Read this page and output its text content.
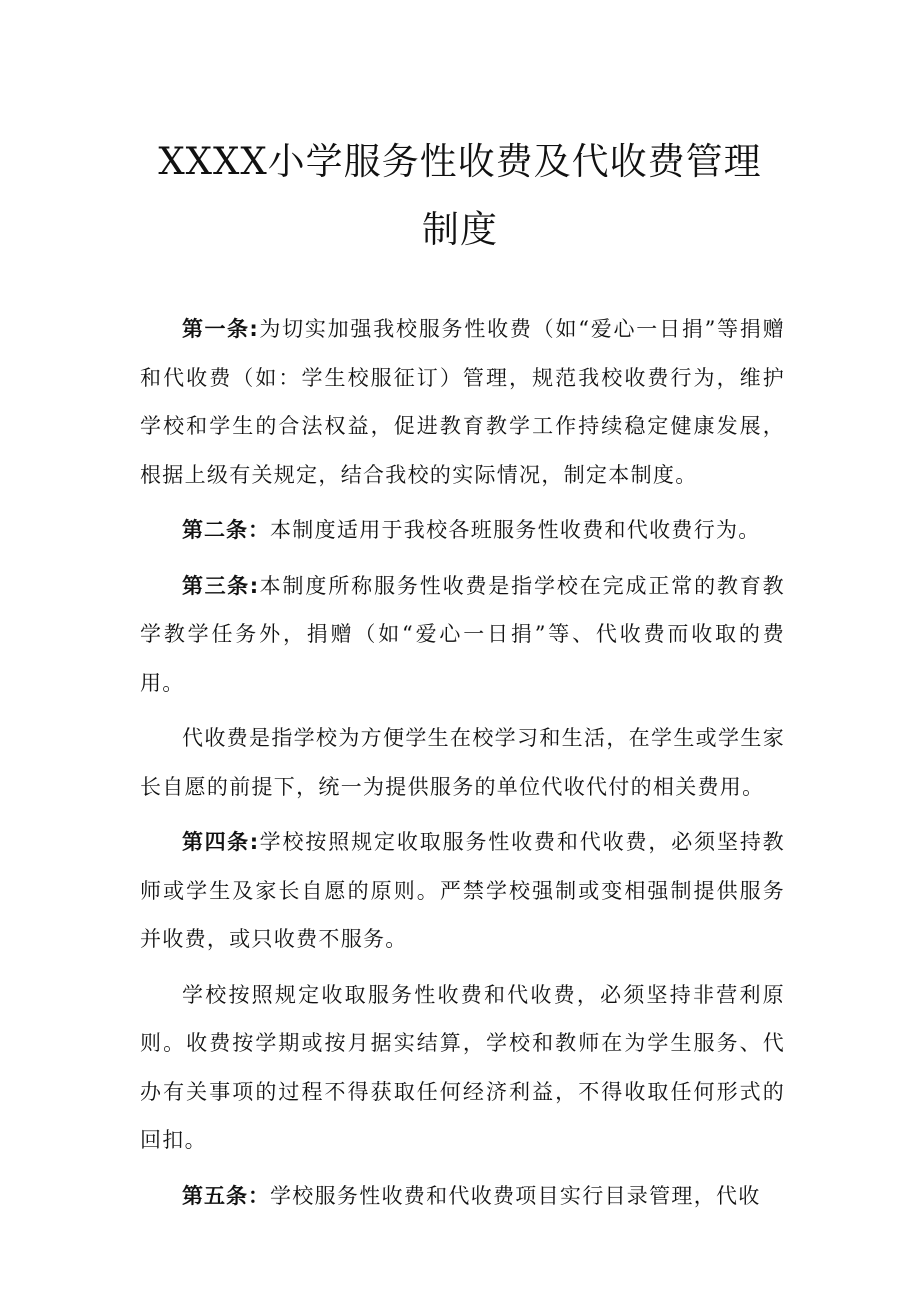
XXXX小学服务性收费及代收费管理制度

第一条:为切实加强我校服务性收费（如“爱心一日捐”等捐赠和代收费（如：学生校服征订）管理，规范我校收费行为，维护学校和学生的合法权益，促进教育教学工作持续稳定健康发展，根据上级有关规定，结合我校的实际情况，制定本制度。

第二条：本制度适用于我校各班服务性收费和代收费行为。

第三条:本制度所称服务性收费是指学校在完成正常的教育教学教学任务外，捐赠（如“爱心一日捐”等、代收费而收取的费用。

代收费是指学校为方便学生在校学习和生活，在学生或学生家长自愿的前提下，统一为提供服务的单位代收代付的相关费用。

第四条:学校按照规定收取服务性收费和代收费，必须坚持教师或学生及家长自愿的原则。严禁学校强制或变相强制提供服务并收费，或只收费不服务。

学校按照规定收取服务性收费和代收费，必须坚持非营利原则。收费按学期或按月据实结算，学校和教师在为学生服务、代办有关事项的过程不得获取任何经济利益，不得收取任何形式的回扣。

第五条：学校服务性收费和代收费项目实行目录管理，代收
